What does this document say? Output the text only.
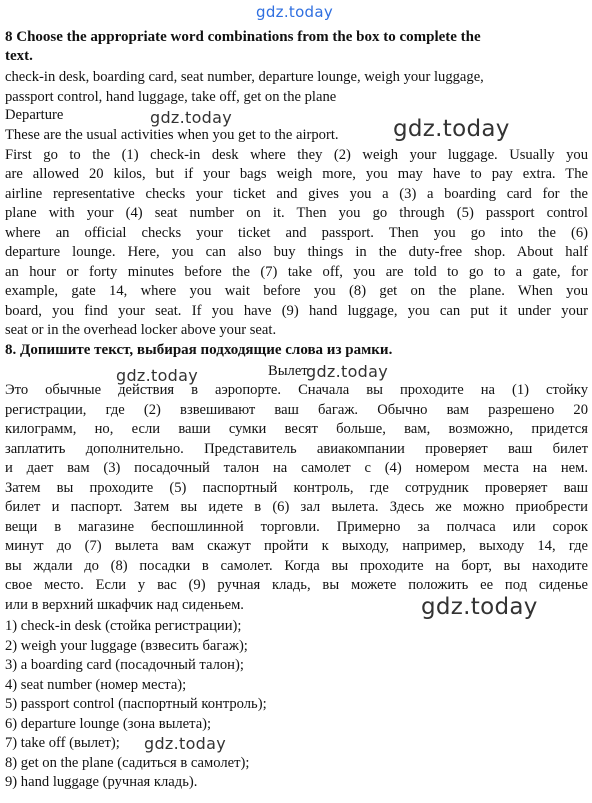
gdz.today
8 Choose the appropriate word combinations from the box to complete the
text.
check-in desk, boarding card, seat number, departure lounge, weigh your luggage,
passport control, hand luggage, take off, get on the plane
Departure	gdz.today
These are the usual activities when you get to the airport.	gdz.today
First go to the (1) check-in desk where they (2) weigh your luggage. Usually you
are allowed 20 kilos, but if your bags weigh more, you may have to pay extra. The
airline representative checks your ticket and gives you a (3) a boarding card for the
plane with your (4) seat number on it. Then you go through (5) passport control
where an official checks your ticket and passport. Then you go into the (6)
departure lounge. Here, you can also buy things in the duty-free shop. About half
an hour or forty minutes before the (7) take off, you are told to go to a gate, for
example, gate 14, where you wait before you (8) get on the plane. When you
board, you find your seat. If you have (9) hand luggage, you can put it under your
seat or in the overhead locker above your seat.
8. Допишите текст, выбирая подходящие слова из рамки.
gdz.today	Вылет
gdz.today
Это обычные действия в аэропорте. Сначала вы проходите на (1) стойку
регистрации, где (2) взвешивают ваш багаж. Обычно вам разрешено 20
килограмм, но, если ваши сумки весят больше, вам, возможно, придется
заплатить дополнительно. Представитель авиакомпании проверяет ваш билет
и дает вам (3) посадочный талон на самолет с (4) номером места на нем.
Затем вы проходите (5) паспортный контроль, где сотрудник проверяет ваш
билет и паспорт. Затем вы идете в (6) зал вылета. Здесь же можно приобрести
вещи в магазине беспошлинной торговли. Примерно за полчаса или сорок
минут до (7) вылета вам скажут пройти к выходу, например, выходу 14, где
вы ждали до (8) посадки в самолет. Когда вы проходите на борт, вы находите
свое место. Если у вас (9) ручная кладь, вы можете положить ее под сиденье
или в верхний шкафчик над сиденьем.	gdz.today
1) check-in desk (стойка регистрации);
2) weigh your luggage (взвесить багаж);
3) a boarding card (посадочный талон);
4) seat number (номер места);
5) passport control (паспортный контроль);
6) departure lounge (зона вылета);
7) take off (вылет);	gdz.today
8) get on the plane (садиться в самолет);
9) hand luggage (ручная кладь).
